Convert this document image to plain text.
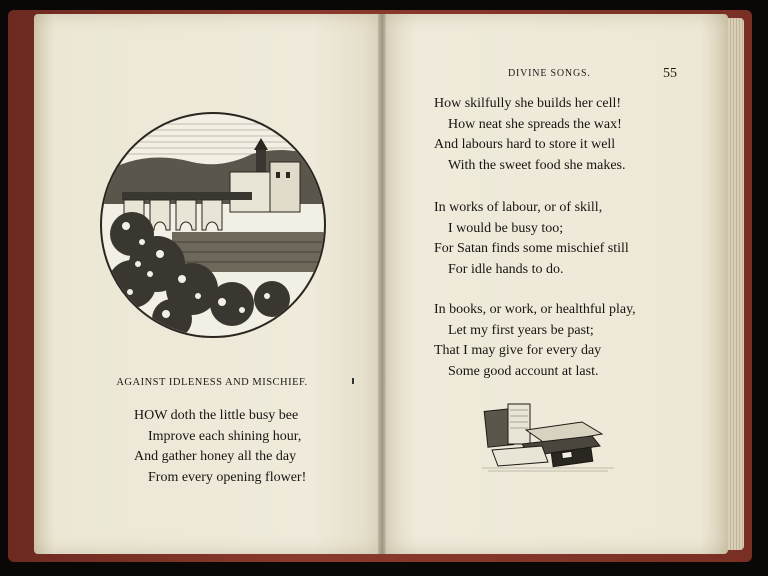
AGAINST IDLENESS AND MISCHIEF.
HOW doth the little busy bee
Improve each shining hour,
And gather honey all the day
From every opening flower!
DIVINE SONGS.	55
How skilfully she builds her cell!
How neat she spreads the wax!
And labours hard to store it well
With the sweet food she makes.
In works of labour, or of skill,
I would be busy too;
For Satan finds some mischief still
For idle hands to do.
In books, or work, or healthful play,
Let my first years be past;
That I may give for every day
Some good account at last.
